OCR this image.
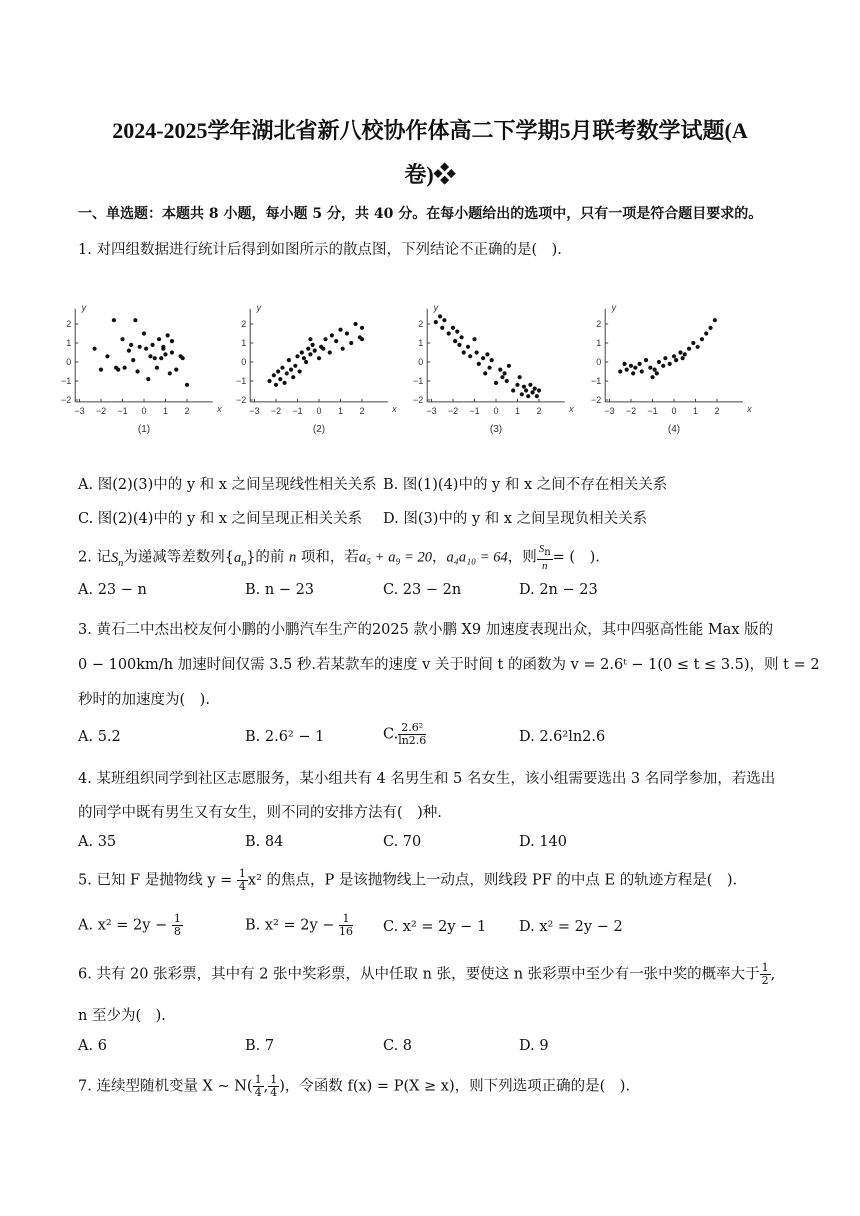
2024-2025学年湖北省新八校协作体高二下学期5月联考数学试题(A
卷)❖
一、单选题：本题共 8 小题，每小题 5 分，共 40 分。在每小题给出的选项中，只有一项是符合题目要求的。
1. 对四组数据进行统计后得到如图所示的散点图，下列结论不正确的是(　).
x
y
−3 −2 −1 0 1 2
2
1
0
−1
−2
(1)
x
y
−3 −2 −1 0 1 2
2
1
0
−1
−2
(2)
x
y
−3 −2 −1 0 1 2
2
1
0
−1
−2
(3)
x
y
−3 −2 −1 0 1 2
2
1
0
−1
−2
(4)
A. 图(2)(3)中的 y 和 x 之间呈现线性相关关系 B. 图(1)(4)中的 y 和 x 之间不存在相关关系
C. 图(2)(4)中的 y 和 x 之间呈现正相关关系 D. 图(3)中的 y 和 x 之间呈现负相关关系
2. 记$S_n$为递减等差数列$\{a_n\}$的前 n 项和，若a₅ + a₉ = 20，a₄a₁₀ = 64，则 $\frac{S_n}{n}$ = (　).
A. 23 − n	B. n − 23	C. 23 − 2n	D. 2n − 23
3. 黄石二中杰出校友何小鹏的小鹏汽车生产的2025 款小鹏 X9 加速度表现出众，其中四驱高性能 Max 版的
0 − 100km/h 加速时间仅需 3.5 秒.若某款车的速度 v 关于时间 t 的函数为 v = 2.6ᵗ − 1(0 ≤ t ≤ 3.5)，则 t = 2
秒时的加速度为(　).
A. 5.2	B. 2.6² − 1	C. $\frac{\text{2.6²}}{\ln 2.6}$	D. 2.6²ln2.6
4. 某班组织同学到社区志愿服务，某小组共有 4 名男生和 5 名女生，该小组需要选出 3 名同学参加，若选出
的同学中既有男生又有女生，则不同的安排方法有(　)种.
A. 35	B. 84	C. 70	D. 140
5. 已知 F 是抛物线 $y = \frac{1}{4} x^2$ 的焦点，P 是该抛物线上一动点，则线段 PF 的中点 E 的轨迹方程是(　).
A. $x^2 = 2y - \frac{1}{8}$	B. $x^2 = 2y - \frac{1}{16} C$. x² = 2y − 1 D. x² = 2y − 2
6. 共有 20 张彩票，其中有 2 张中奖彩票，从中任取 n 张，要使这 n 张彩票中至少有一张中奖的概率大于 $\frac{1}{2}$ ,
n 至少为(　).
A. 6	B. 7	C. 8	D. 9
7. 连续型随机变量 X ∼ $N( \frac{1}{4}$ , $\frac{1}{4}$ )，令函数 f(x) = P(X ≥ x)，则下列选项正确的是(　).
